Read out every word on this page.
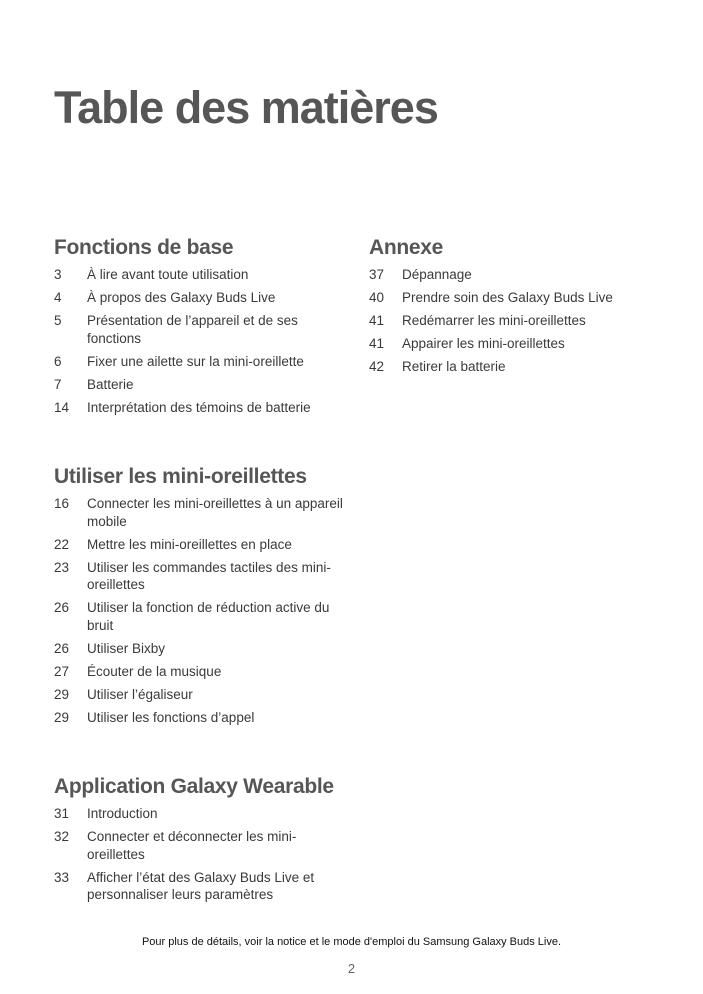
Table des matières
Fonctions de base
3	À lire avant toute utilisation
4	À propos des Galaxy Buds Live
5	Présentation de l’appareil et de ses fonctions
6	Fixer une ailette sur la mini-oreillette
7	Batterie
14	Interprétation des témoins de batterie
Annexe
37	Dépannage
40	Prendre soin des Galaxy Buds Live
41	Redémarrer les mini-oreillettes
41	Appairer les mini-oreillettes
42	Retirer la batterie
Utiliser les mini-oreillettes
16	Connecter les mini-oreillettes à un appareil mobile
22	Mettre les mini-oreillettes en place
23	Utiliser les commandes tactiles des mini-oreillettes
26	Utiliser la fonction de réduction active du bruit
26	Utiliser Bixby
27	Écouter de la musique
29	Utiliser l’égaliseur
29	Utiliser les fonctions d’appel
Application Galaxy Wearable
31	Introduction
32	Connecter et déconnecter les mini-oreillettes
33	Afficher l’état des Galaxy Buds Live et personnaliser leurs paramètres
Pour plus de détails, voir la notice et le mode d'emploi du Samsung Galaxy Buds Live.
2
